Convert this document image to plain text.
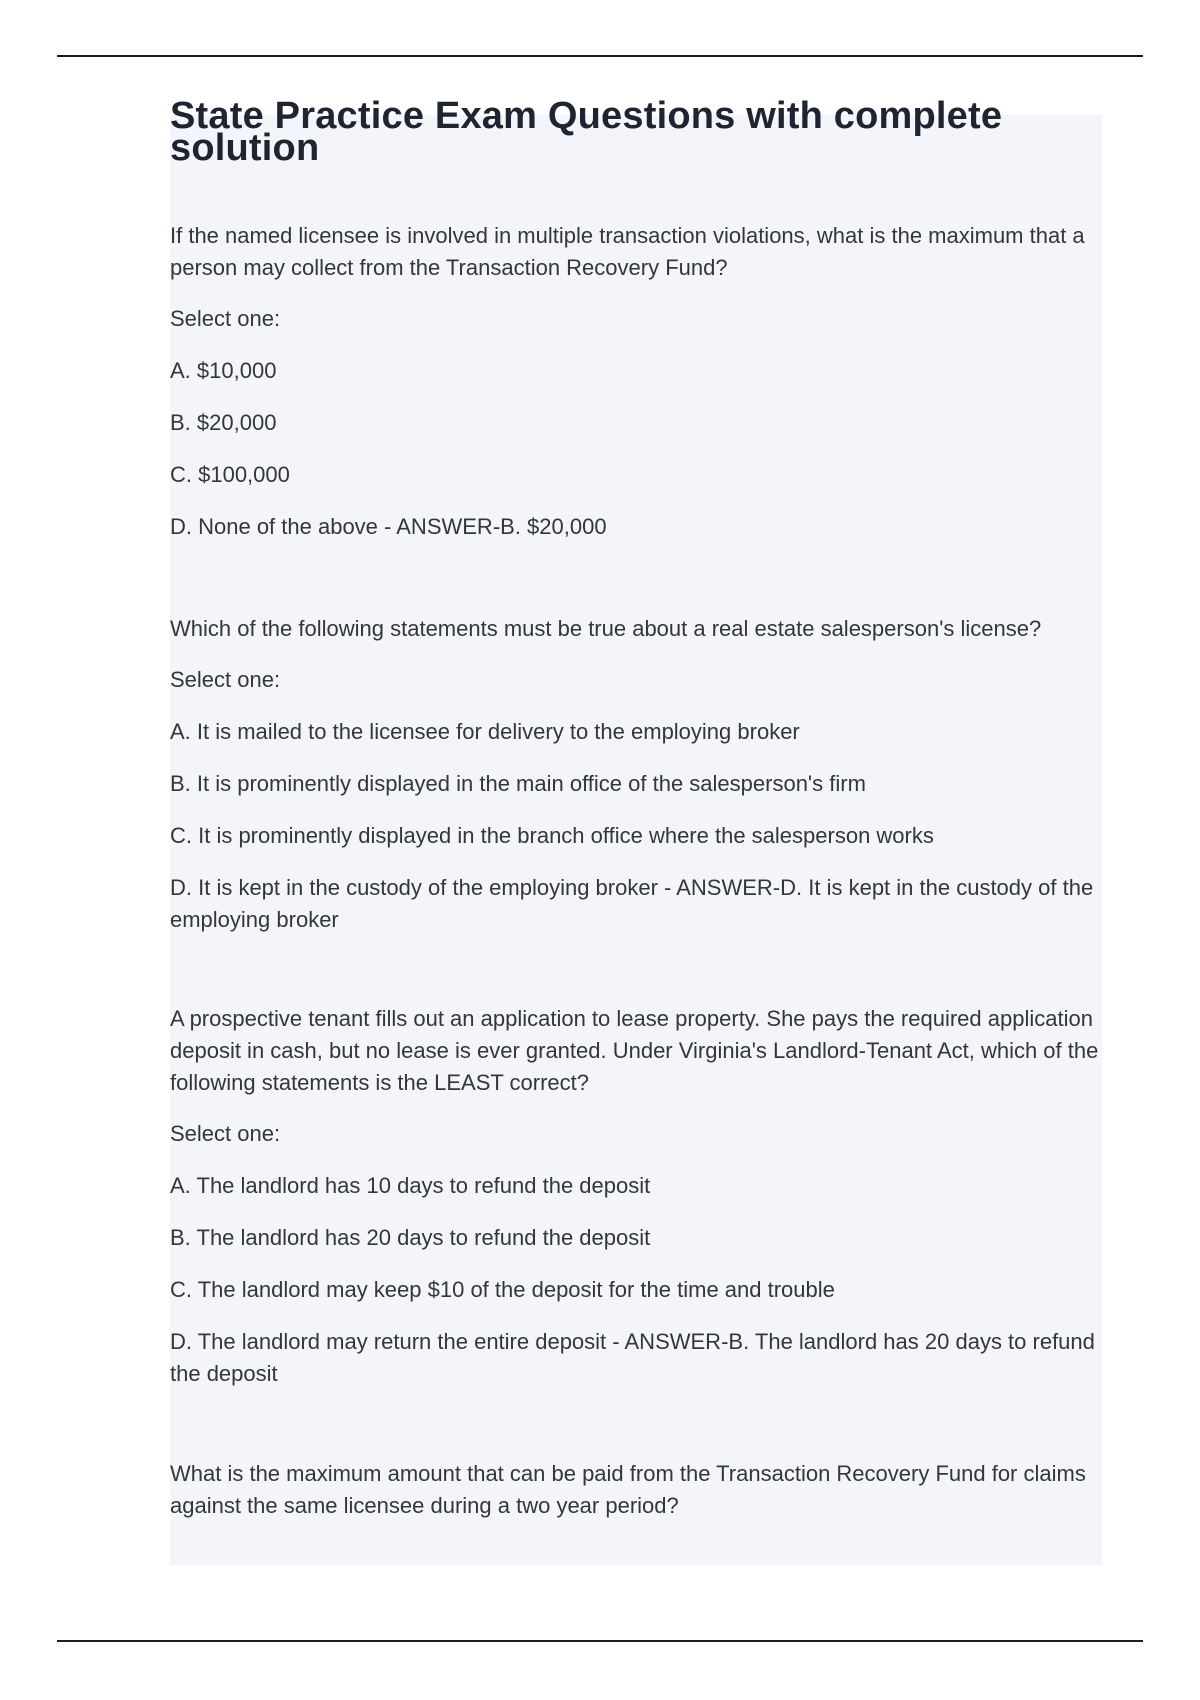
State Practice Exam Questions with complete solution

If the named licensee is involved in multiple transaction violations, what is the maximum that a person may collect from the Transaction Recovery Fund?

Select one:

A. $10,000

B. $20,000

C. $100,000

D. None of the above - ANSWER-B. $20,000

Which of the following statements must be true about a real estate salesperson's license?

Select one:

A. It is mailed to the licensee for delivery to the employing broker

B. It is prominently displayed in the main office of the salesperson's firm

C. It is prominently displayed in the branch office where the salesperson works

D. It is kept in the custody of the employing broker - ANSWER-D. It is kept in the custody of the employing broker

A prospective tenant fills out an application to lease property. She pays the required application deposit in cash, but no lease is ever granted. Under Virginia's Landlord-Tenant Act, which of the following statements is the LEAST correct?

Select one:

A. The landlord has 10 days to refund the deposit

B. The landlord has 20 days to refund the deposit

C. The landlord may keep $10 of the deposit for the time and trouble

D. The landlord may return the entire deposit - ANSWER-B. The landlord has 20 days to refund the deposit

What is the maximum amount that can be paid from the Transaction Recovery Fund for claims against the same licensee during a two year period?
